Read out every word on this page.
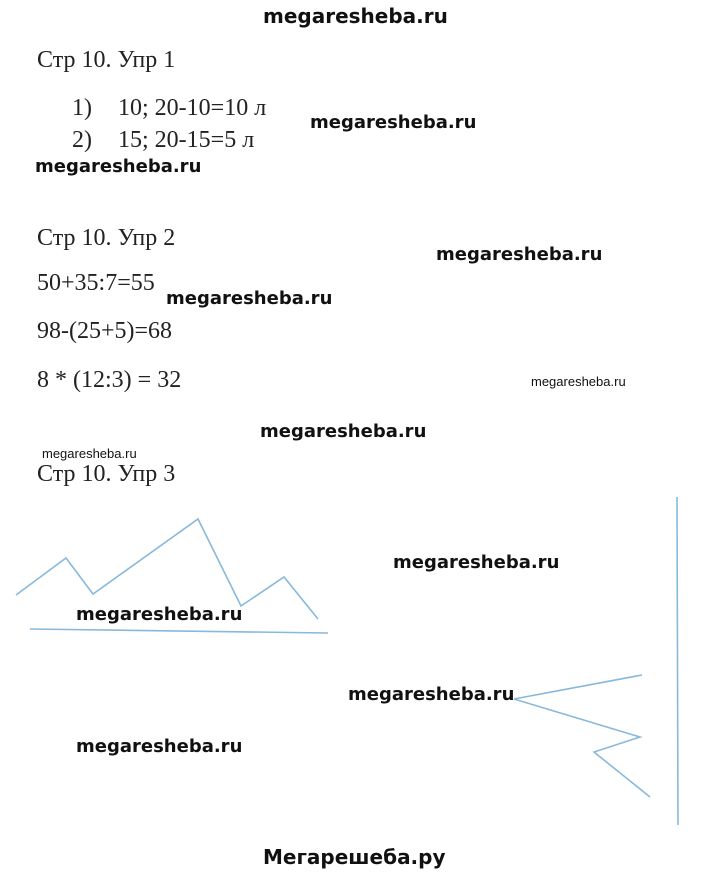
megaresheba.ru
megaresheba.ru
megaresheba.ru
megaresheba.ru
megaresheba.ru
megaresheba.ru
megaresheba.ru
megaresheba.ru
megaresheba.ru
megaresheba.ru
megaresheba.ru
megaresheba.ru
Мегарешеба.ру
Стр 10. Упр 1
1) 10; 20-10=10 л
2) 15; 20-15=5 л
Стр 10. Упр 2
50+35:7=55
98-(25+5)=68
8 * (12:3) = 32
Стр 10. Упр 3
